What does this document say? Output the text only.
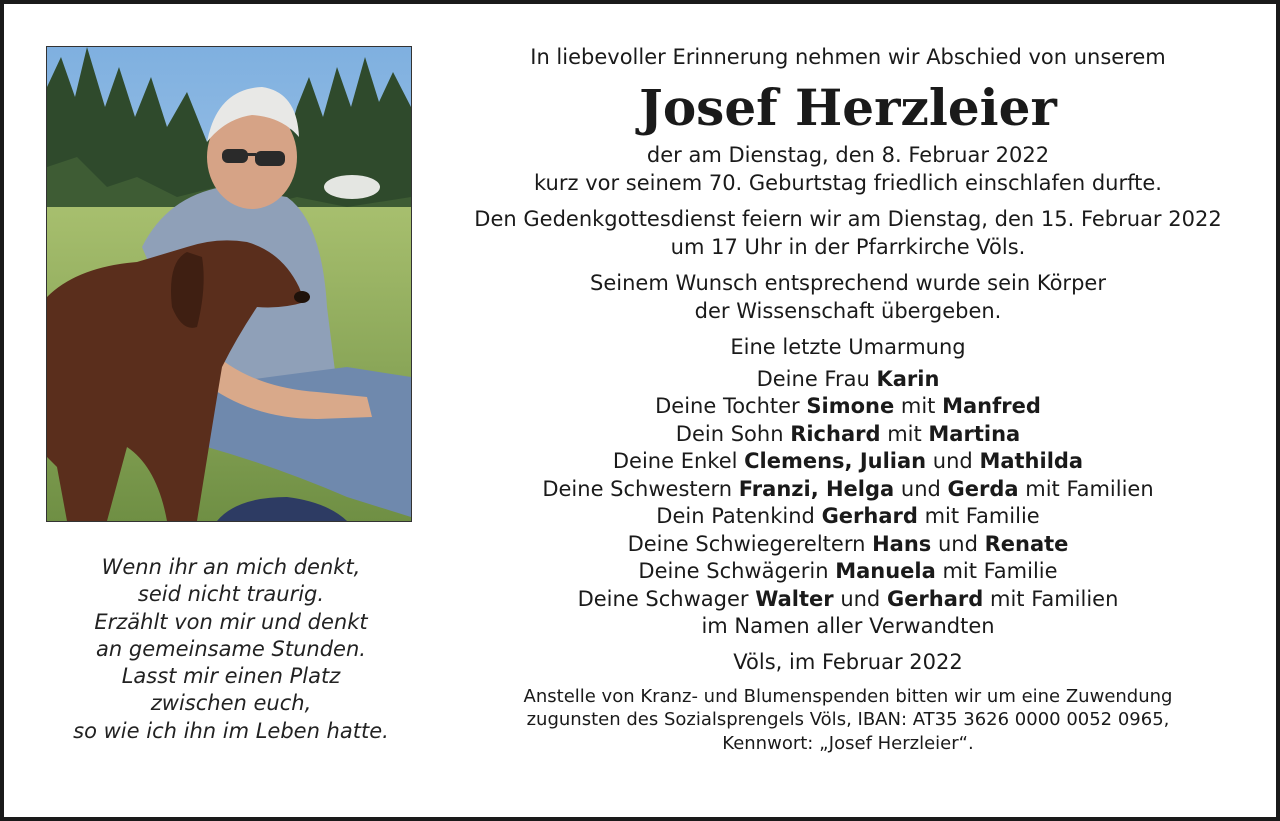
Wenn ihr an mich denkt,
seid nicht traurig.
Erzählt von mir und denkt
an gemeinsame Stunden.
Lasst mir einen Platz
zwischen euch,
so wie ich ihn im Leben hatte.
In liebevoller Erinnerung nehmen wir Abschied von unserem
Josef Herzleier
der am Dienstag, den 8. Februar 2022
kurz vor seinem 70. Geburtstag friedlich einschlafen durfte.
Den Gedenkgottesdienst feiern wir am Dienstag, den 15. Februar 2022
um 17 Uhr in der Pfarrkirche Völs.
Seinem Wunsch entsprechend wurde sein Körper
der Wissenschaft übergeben.
Eine letzte Umarmung
Deine Frau Karin
Deine Tochter Simone mit Manfred
Dein Sohn Richard mit Martina
Deine Enkel Clemens, Julian und Mathilda
Deine Schwestern Franzi, Helga und Gerda mit Familien
Dein Patenkind Gerhard mit Familie
Deine Schwiegereltern Hans und Renate
Deine Schwägerin Manuela mit Familie
Deine Schwager Walter und Gerhard mit Familien
im Namen aller Verwandten
Völs, im Februar 2022
Anstelle von Kranz- und Blumenspenden bitten wir um eine Zuwendung
zugunsten des Sozialsprengels Völs, IBAN: AT35 3626 0000 0052 0965,
Kennwort: „Josef Herzleier“.
